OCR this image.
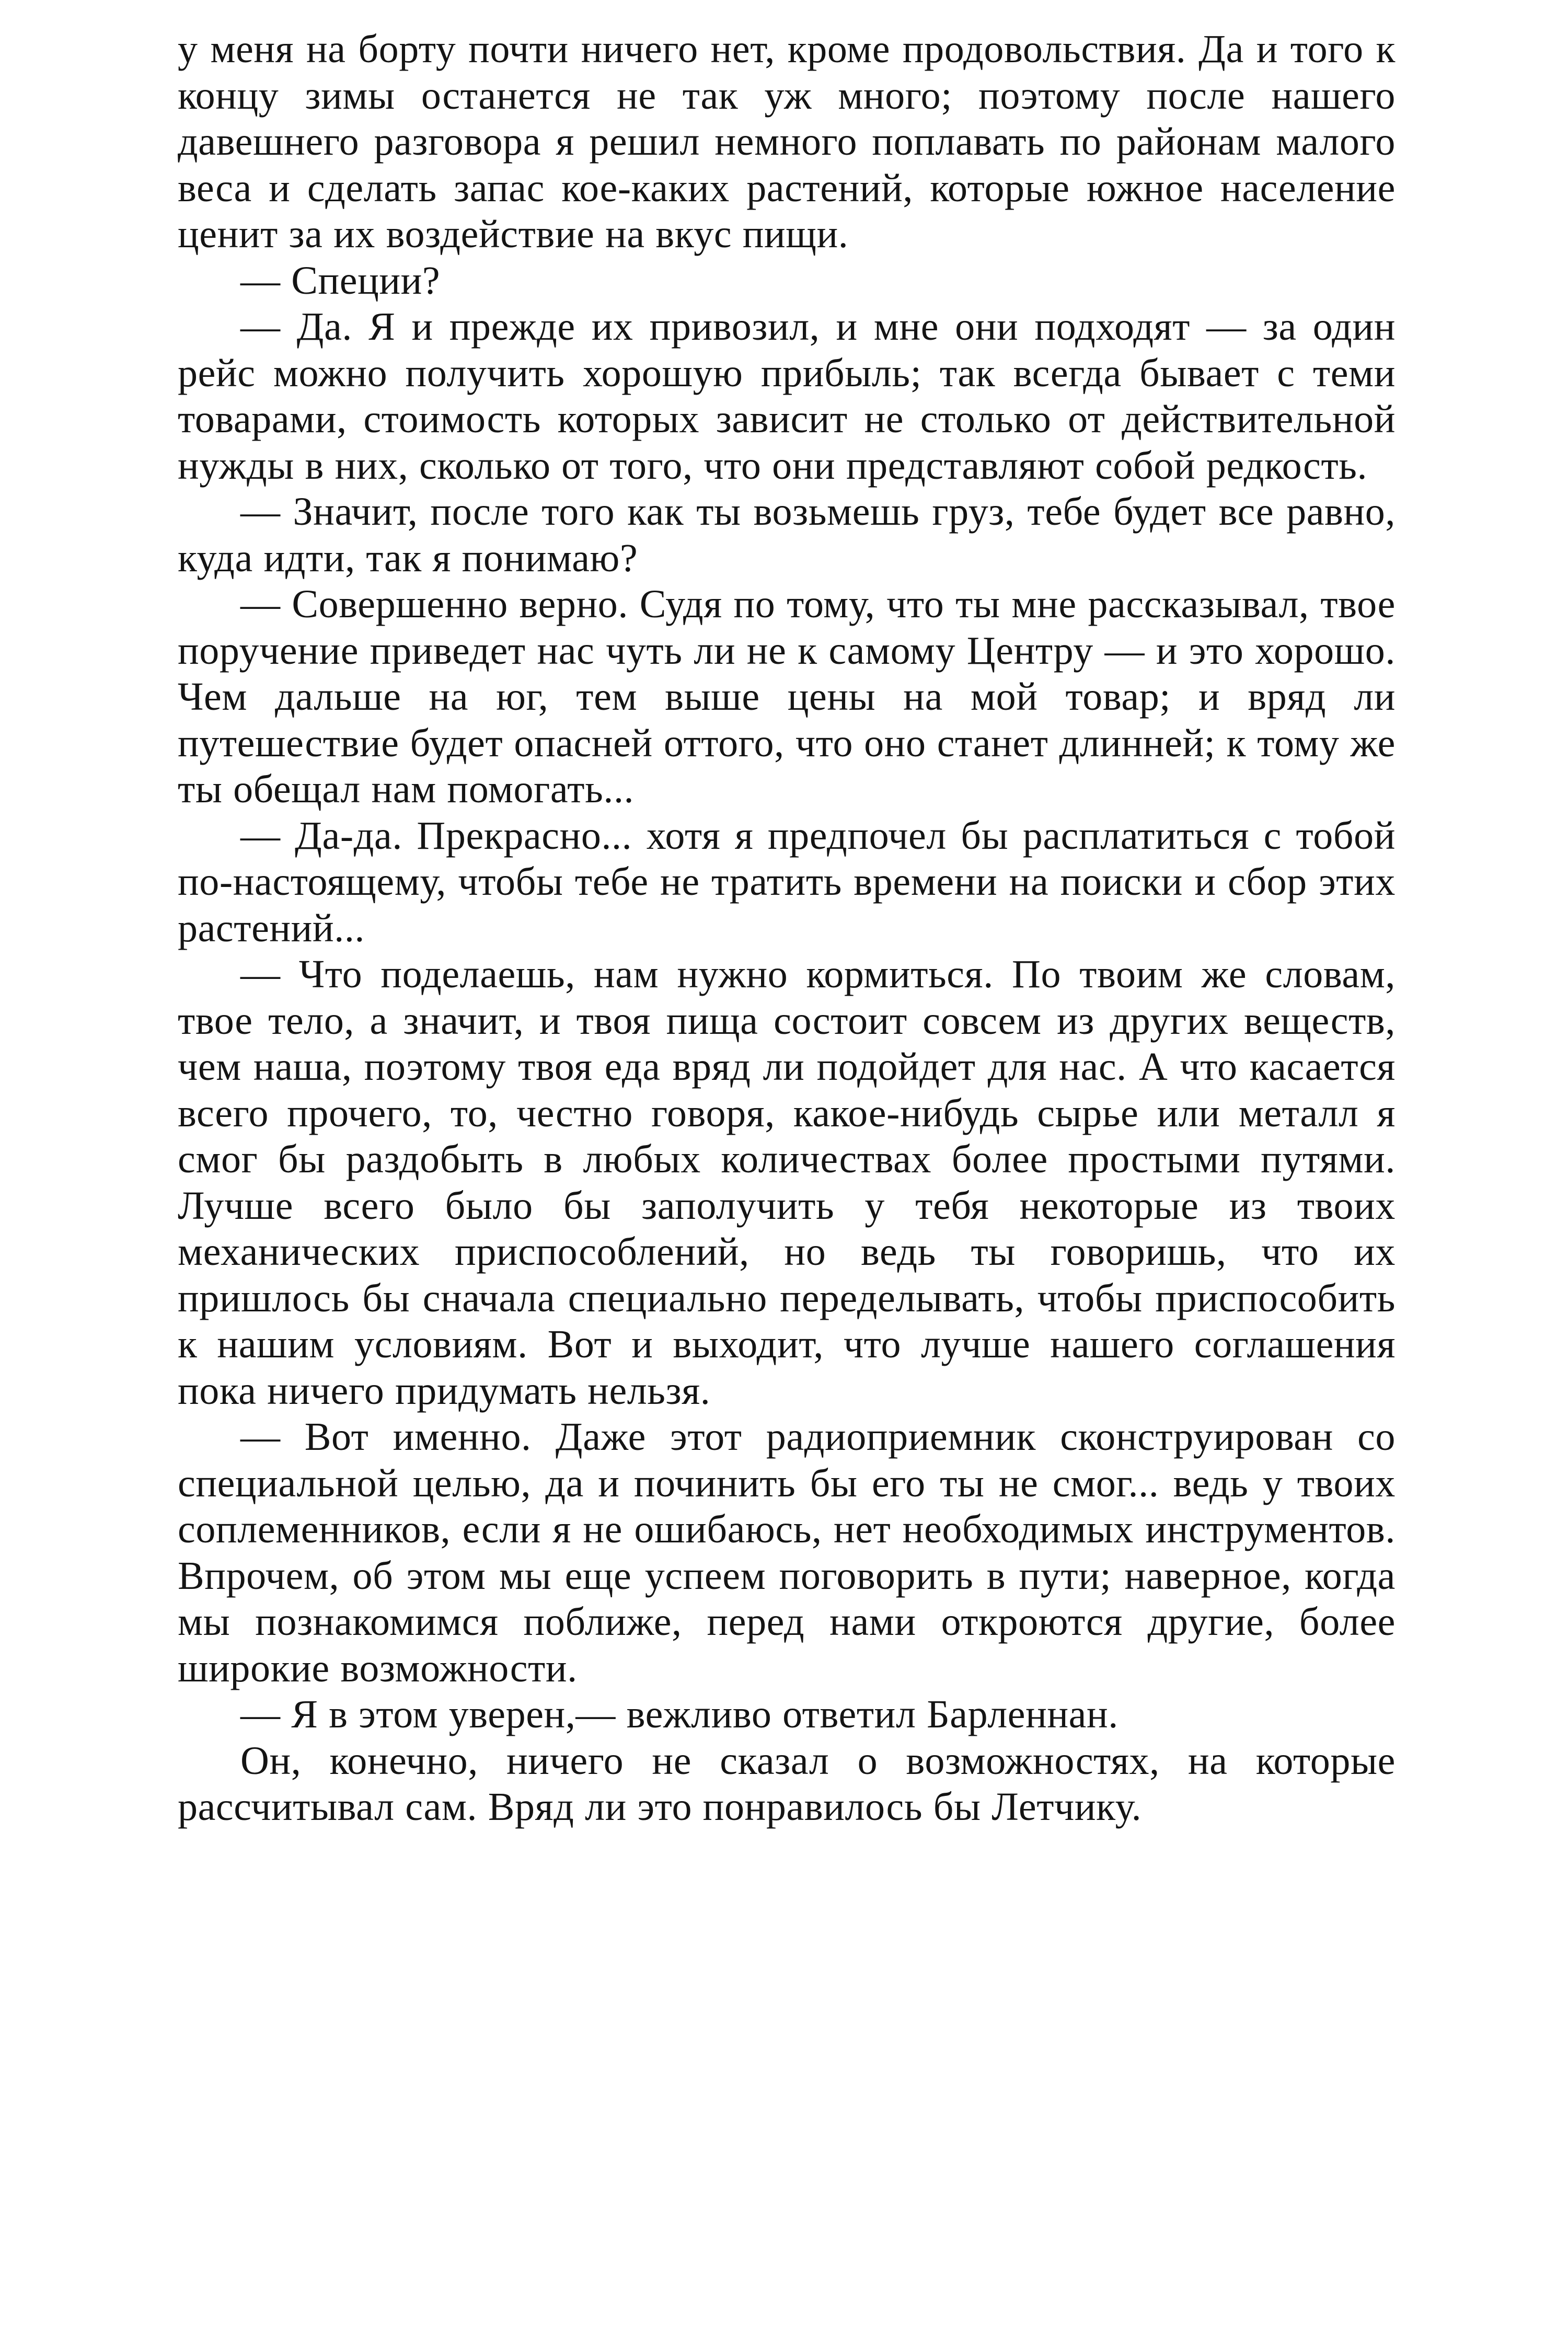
у меня на борту почти ничего нет, кроме продовольствия. Да и того к концу зимы останется не так уж много; поэтому после нашего давешнего разговора я решил немного поплавать по районам малого веса и сделать запас кое-каких растений, которые южное население ценит за их воздействие на вкус пищи.

— Специи?

— Да. Я и прежде их привозил, и мне они подходят — за один рейс можно получить хорошую прибыль; так всегда бывает с теми товарами, стоимость которых зависит не столько от действительной нужды в них, сколько от того, что они представляют собой редкость.

— Значит, после того как ты возьмешь груз, тебе будет все равно, куда идти, так я понимаю?

— Совершенно верно. Судя по тому, что ты мне рассказывал, твое поручение приведет нас чуть ли не к самому Центру — и это хорошо. Чем дальше на юг, тем выше цены на мой товар; и вряд ли путешествие будет опасней оттого, что оно станет длинней; к тому же ты обещал нам помогать...

— Да-да. Прекрасно... хотя я предпочел бы расплатиться с тобой по-настоящему, чтобы тебе не тратить времени на поиски и сбор этих растений...

— Что поделаешь, нам нужно кормиться. По твоим же словам, твое тело, а значит, и твоя пища состоит совсем из других веществ, чем наша, поэтому твоя еда вряд ли подойдет для нас. А что касается всего прочего, то, честно говоря, какое-нибудь сырье или металл я смог бы раздобыть в любых количествах более простыми путями. Лучше всего было бы заполучить у тебя некоторые из твоих механических приспособлений, но ведь ты говоришь, что их пришлось бы сначала специально переделывать, чтобы приспособить к нашим условиям. Вот и выходит, что лучше нашего соглашения пока ничего придумать нельзя.

— Вот именно. Даже этот радиоприемник сконструирован со специальной целью, да и починить бы его ты не смог... ведь у твоих соплеменников, если я не ошибаюсь, нет необходимых инструментов. Впрочем, об этом мы еще успеем поговорить в пути; наверное, когда мы познакомимся поближе, перед нами откроются другие, более широкие возможности.

— Я в этом уверен,— вежливо ответил Барленнан.

Он, конечно, ничего не сказал о возможностях, на которые рассчитывал сам. Вряд ли это понравилось бы Летчику.
